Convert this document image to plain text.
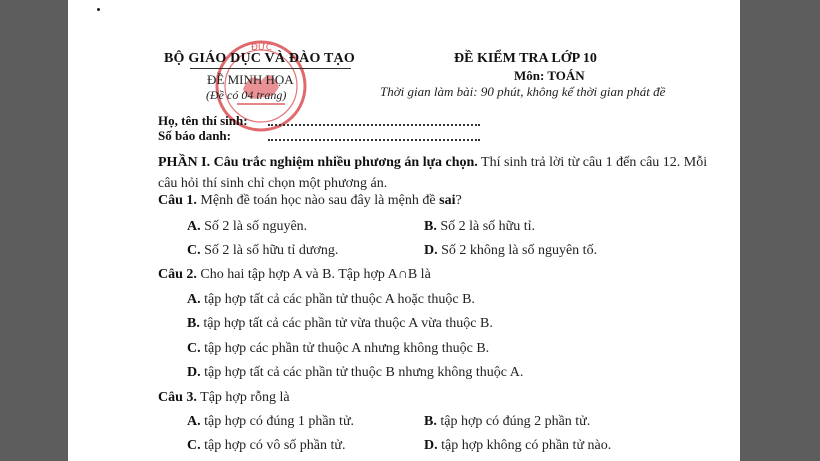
ĐỨC
BỘ GIÁO DỤC VÀ ĐÀO TẠO
ĐỀ MINH HỌA
(Đề có 04 trang)
ĐỀ KIỂM TRA LỚP 10
Môn: TOÁN
Thời gian làm bài: 90 phút, không kể thời gian phát đề
Họ, tên thí sinh:
Số báo danh:
PHẦN I. Câu trắc nghiệm nhiều phương án lựa chọn. Thí sinh trả lời từ câu 1 đến câu 12. Mỗi câu hỏi thí sinh chỉ chọn một phương án.
Câu 1. Mệnh đề toán học nào sau đây là mệnh đề sai?
A. Số 2 là số nguyên.	B. Số 2 là số hữu tỉ.
C. Số 2 là số hữu tỉ dương.	D. Số 2 không là số nguyên tố.
Câu 2. Cho hai tập hợp A và B. Tập hợp A∩B là
A. tập hợp tất cả các phần tử thuộc A hoặc thuộc B.
B. tập hợp tất cả các phần tử vừa thuộc A vừa thuộc B.
C. tập hợp các phần tử thuộc A nhưng không thuộc B.
D. tập hợp tất cả các phần tử thuộc B nhưng không thuộc A.
Câu 3. Tập hợp rỗng là
A. tập hợp có đúng 1 phần tử.	B. tập hợp có đúng 2 phần tử.
C. tập hợp có vô số phần tử.	D. tập hợp không có phần tử nào.
